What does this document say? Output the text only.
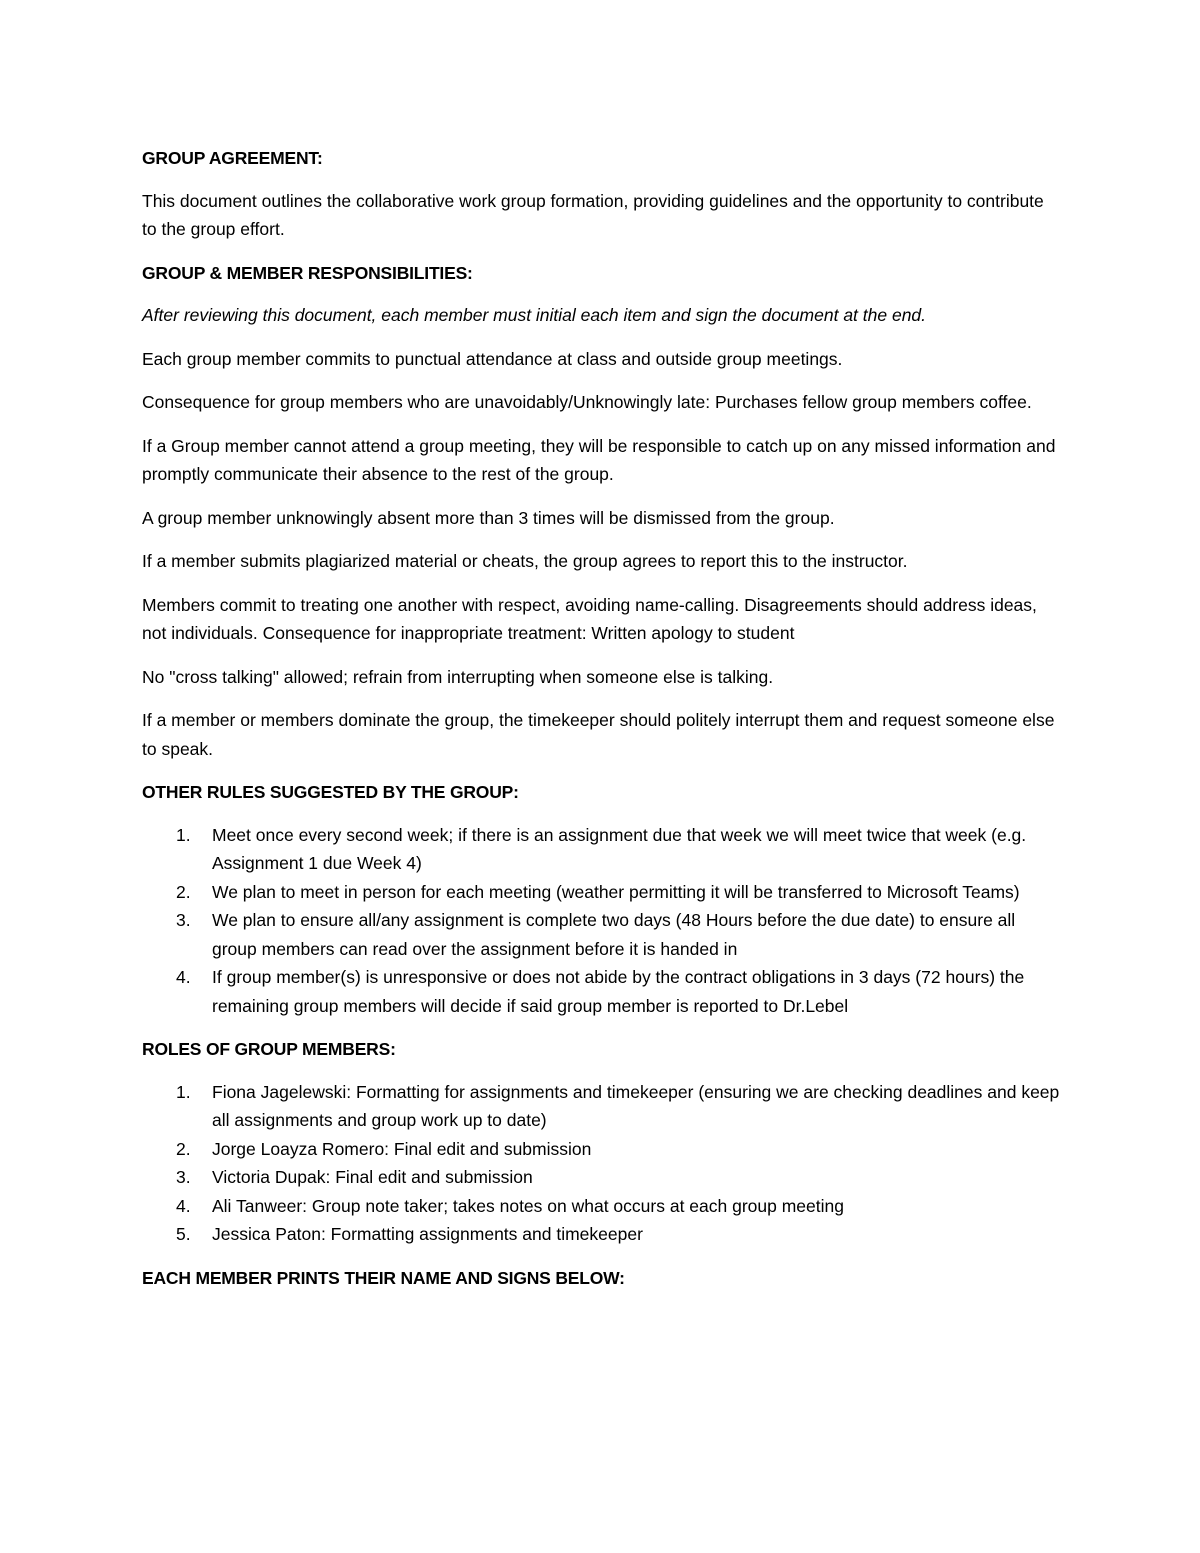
GROUP AGREEMENT:
This document outlines the collaborative work group formation, providing guidelines and the opportunity to contribute to the group effort.
GROUP & MEMBER RESPONSIBILITIES:
After reviewing this document, each member must initial each item and sign the document at the end.
Each group member commits to punctual attendance at class and outside group meetings.
Consequence for group members who are unavoidably/Unknowingly late: Purchases fellow group members coffee.
If a Group member cannot attend a group meeting, they will be responsible to catch up on any missed information and promptly communicate their absence to the rest of the group.
A group member unknowingly absent more than 3 times will be dismissed from the group.
If a member submits plagiarized material or cheats, the group agrees to report this to the instructor.
Members commit to treating one another with respect, avoiding name-calling. Disagreements should address ideas, not individuals. Consequence for inappropriate treatment: Written apology to student
No "cross talking" allowed; refrain from interrupting when someone else is talking.
If a member or members dominate the group, the timekeeper should politely interrupt them and request someone else to speak.
OTHER RULES SUGGESTED BY THE GROUP:
1. Meet once every second week; if there is an assignment due that week we will meet twice that week (e.g. Assignment 1 due Week 4)
2. We plan to meet in person for each meeting (weather permitting it will be transferred to Microsoft Teams)
3. We plan to ensure all/any assignment is complete two days (48 Hours before the due date) to ensure all group members can read over the assignment before it is handed in
4. If group member(s) is unresponsive or does not abide by the contract obligations in 3 days (72 hours) the remaining group members will decide if said group member is reported to Dr.Lebel
ROLES OF GROUP MEMBERS:
1. Fiona Jagelewski: Formatting for assignments and timekeeper (ensuring we are checking deadlines and keep all assignments and group work up to date)
2. Jorge Loayza Romero: Final edit and submission
3. Victoria Dupak: Final edit and submission
4. Ali Tanweer: Group note taker; takes notes on what occurs at each group meeting
5. Jessica Paton: Formatting assignments and timekeeper
EACH MEMBER PRINTS THEIR NAME AND SIGNS BELOW:
